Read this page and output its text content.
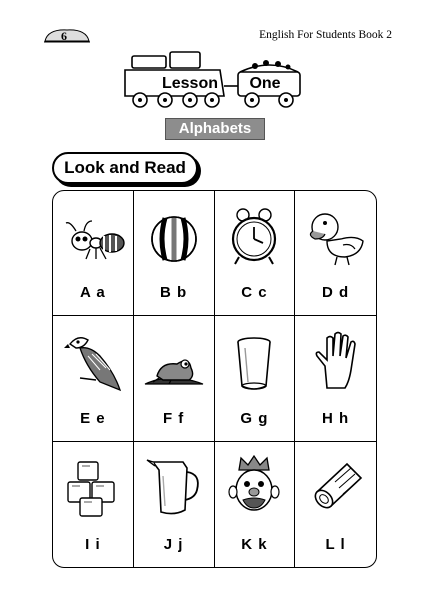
6	English For Students Book 2
Lesson	One
Alphabets
Look and Read
A a	B b	C c	D d
E e	F f	G g	H h
I i	J j	K k	L l
